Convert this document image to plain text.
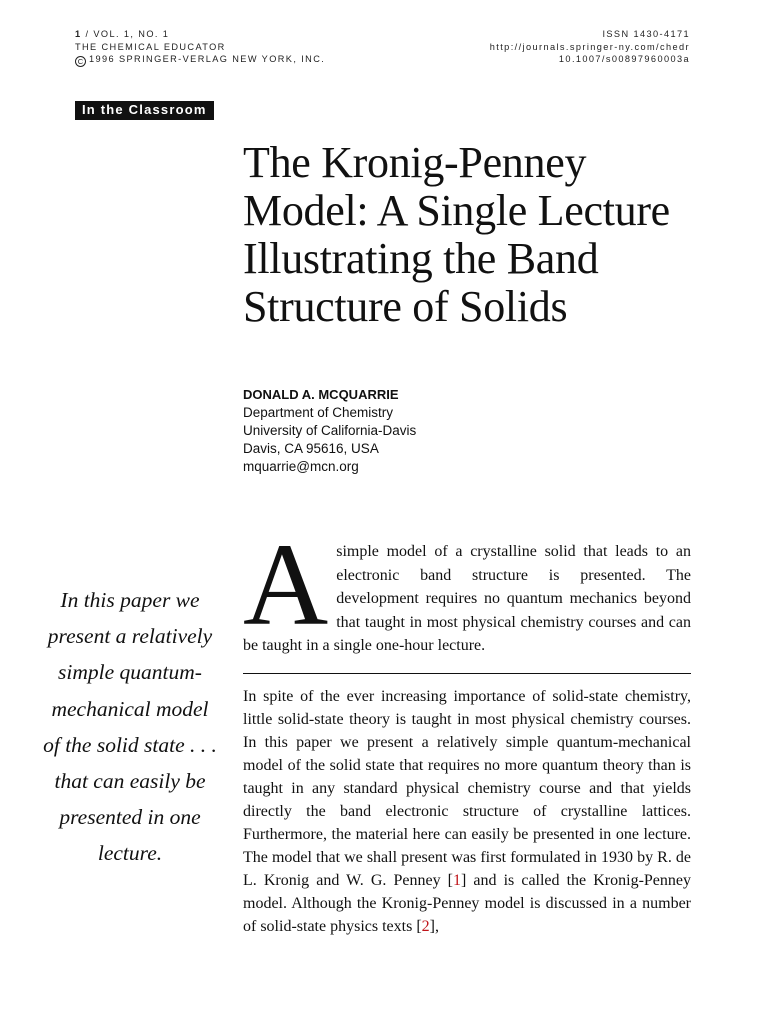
1 / VOL. 1, NO. 1
THE CHEMICAL EDUCATOR
C 1996 SPRINGER-VERLAG NEW YORK, INC.
ISSN 1430-4171
http://journals.springer-ny.com/chedr
10.1007/s00897960003a
In the Classroom
The Kronig-Penney Model: A Single Lecture Illustrating the Band Structure of Solids
DONALD A. MCQUARRIE
Department of Chemistry
University of California-Davis
Davis, CA 95616, USA
mquarrie@mcn.org
In this paper we present a relatively simple quantum-mechanical model of the solid state . . . that can easily be presented in one lecture.
A simple model of a crystalline solid that leads to an electronic band structure is presented. The development requires no quantum mechanics beyond that taught in most physical chemistry courses and can be taught in a single one-hour lecture.

In spite of the ever increasing importance of solid-state chemistry, little solid-state theory is taught in most physical chemistry courses. In this paper we present a relatively simple quantum-mechanical model of the solid state that requires no more quantum theory than is taught in any standard physical chemistry course and that yields directly the band electronic structure of crystalline lattices. Furthermore, the material here can easily be presented in one lecture. The model that we shall present was first formulated in 1930 by R. de L. Kronig and W. G. Penney [1] and is called the Kronig-Penney model. Although the Kronig-Penney model is discussed in a number of solid-state physics texts [2],
